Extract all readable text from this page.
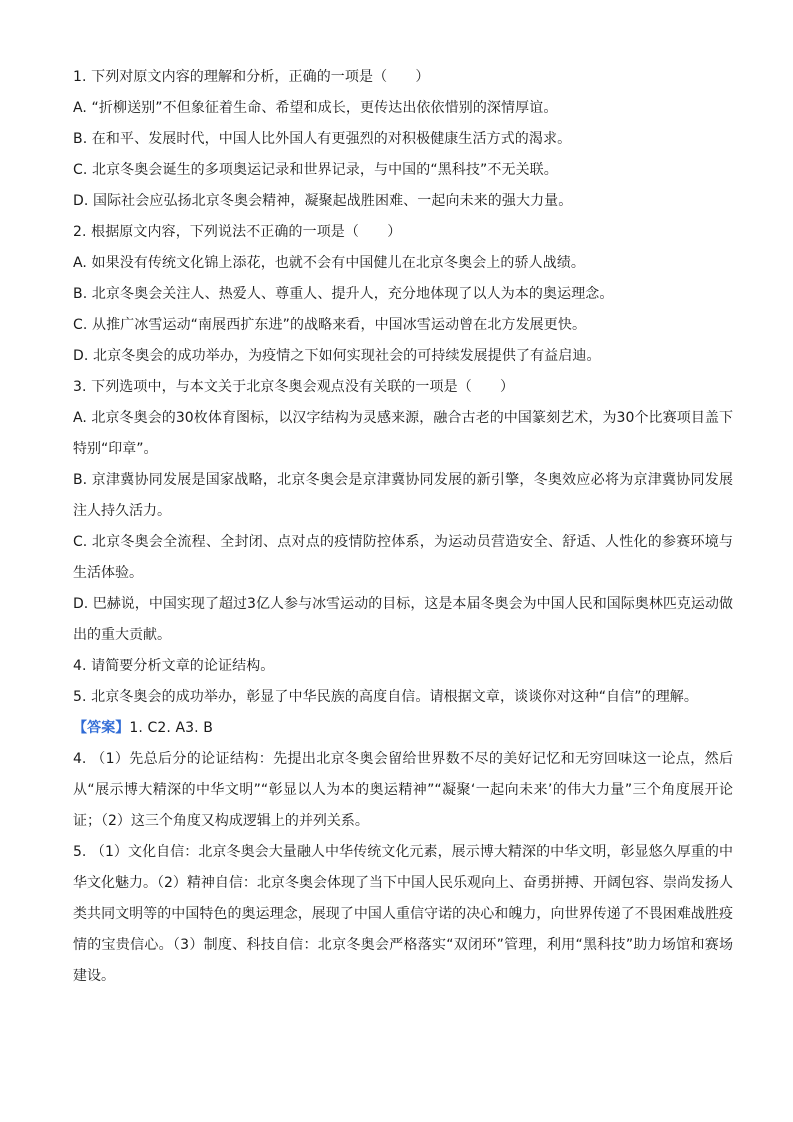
1. 下列对原文内容的理解和分析，正确的一项是（　　）
A. “折柳送别”不但象征着生命、希望和成长，更传达出依依惜别的深情厚谊。
B. 在和平、发展时代，中国人比外国人有更强烈的对积极健康生活方式的渴求。
C. 北京冬奥会诞生的多项奥运记录和世界记录，与中国的“黑科技”不无关联。
D. 国际社会应弘扬北京冬奥会精神，凝聚起战胜困难、一起向未来的强大力量。
2. 根据原文内容，下列说法不正确的一项是（　　）
A. 如果没有传统文化锦上添花，也就不会有中国健儿在北京冬奥会上的骄人战绩。
B. 北京冬奥会关注人、热爱人、尊重人、提升人，充分地体现了以人为本的奥运理念。
C. 从推广冰雪运动“南展西扩东进”的战略来看，中国冰雪运动曾在北方发展更快。
D. 北京冬奥会的成功举办，为疫情之下如何实现社会的可持续发展提供了有益启迪。
3. 下列选项中，与本文关于北京冬奥会观点没有关联的一项是（　　）
A. 北京冬奥会的30枚体育图标，以汉字结构为灵感来源，融合古老的中国篆刻艺术，为30个比赛项目盖下特别“印章”。
B. 京津冀协同发展是国家战略，北京冬奥会是京津冀协同发展的新引擎，冬奥效应必将为京津冀协同发展注人持久活力。
C. 北京冬奥会全流程、全封闭、点对点的疫情防控体系，为运动员营造安全、舒适、人性化的参赛环境与生活体验。
D. 巴赫说，中国实现了超过3亿人参与冰雪运动的目标，这是本届冬奥会为中国人民和国际奥林匹克运动做出的重大贡献。
4. 请简要分析文章的论证结构。
5. 北京冬奥会的成功举办，彰显了中华民族的高度自信。请根据文章，谈谈你对这种“自信”的理解。
【答案】1. C2. A3. B
4. （1）先总后分的论证结构：先提出北京冬奥会留给世界数不尽的美好记忆和无穷回味这一论点，然后从“展示博大精深的中华文明”“彰显以人为本的奥运精神”“凝聚‘一起向未来’的伟大力量”三个角度展开论证；（2）这三个角度又构成逻辑上的并列关系。
5. （1）文化自信：北京冬奥会大量融人中华传统文化元素，展示博大精深的中华文明，彰显悠久厚重的中华文化魅力。（2）精神自信：北京冬奥会体现了当下中国人民乐观向上、奋勇拼搏、开阔包容、崇尚发扬人类共同文明等的中国特色的奥运理念，展现了中国人重信守诺的决心和魄力，向世界传递了不畏困难战胜疫情的宝贵信心。（3）制度、科技自信：北京冬奥会严格落实“双闭环”管理，利用“黑科技”助力场馆和赛场建设。
